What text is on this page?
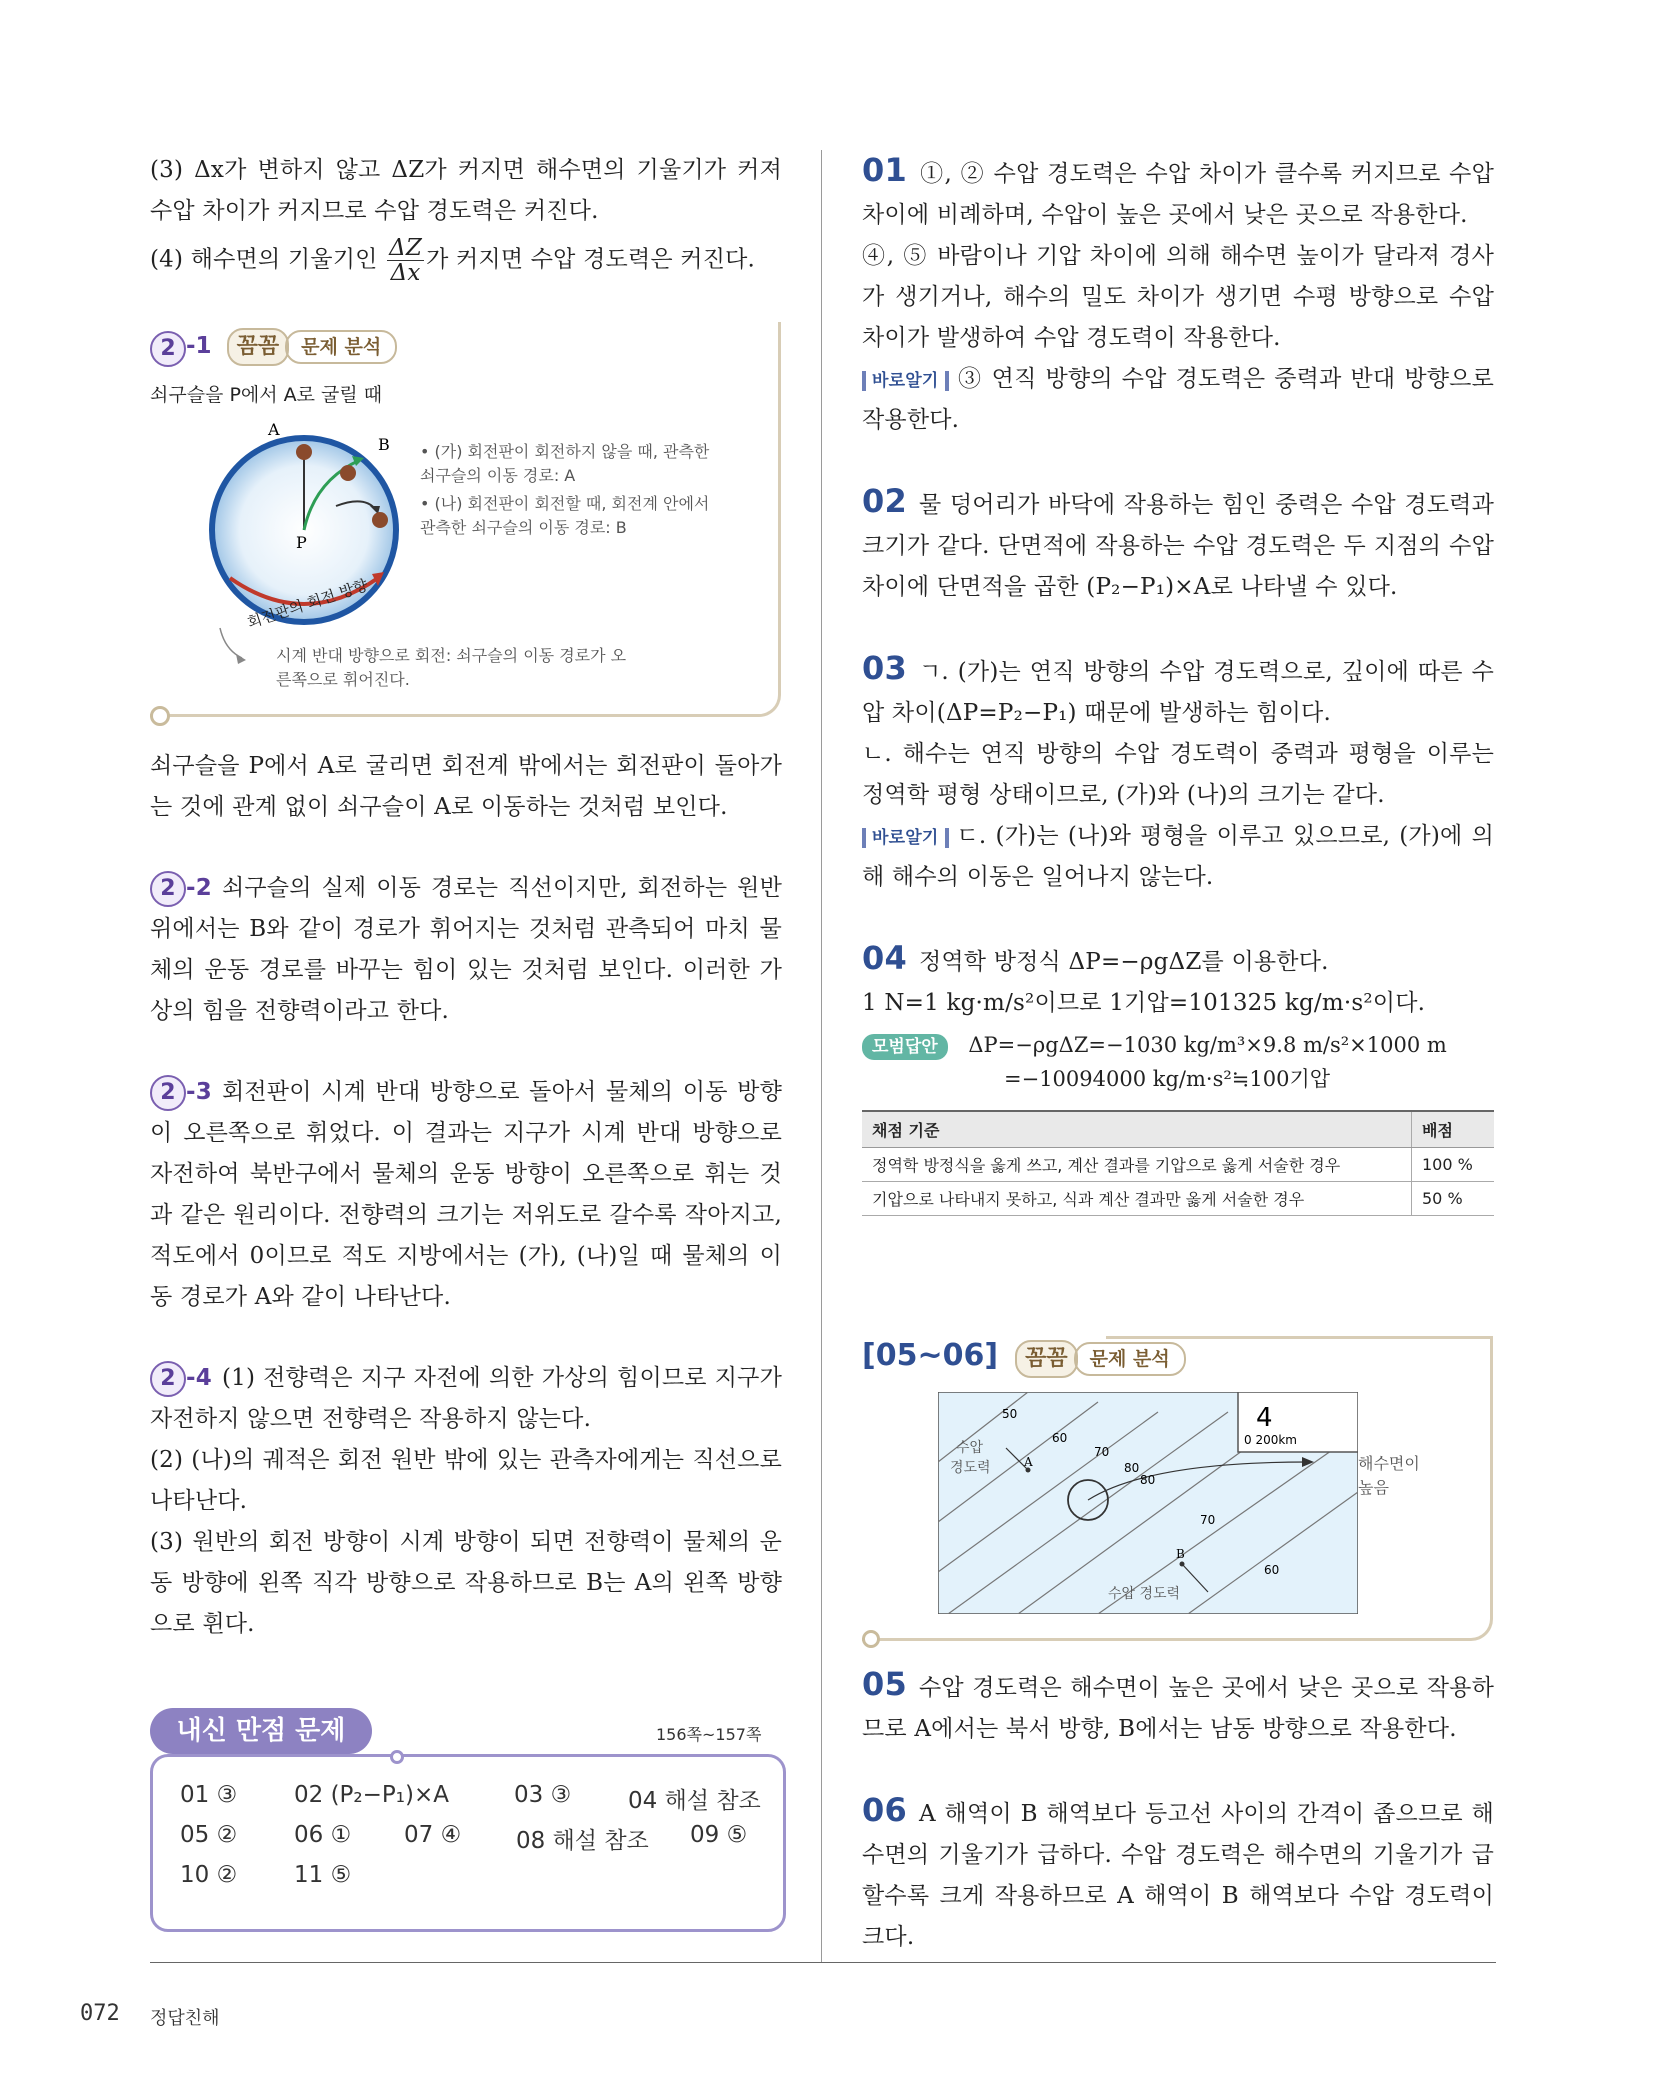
(3) Δx가 변하지 않고 ΔZ가 커지면 해수면의 기울기가 커져 수압 차이가 커지므로 수압 경도력은 커진다.

(4) 해수면의 기울기인 $\frac{\Delta Z}{\Delta x}$ 가 커지면 수압 경도력은 커진다.

2 -1 꼼꼼 문제 분석
쇠구슬을 P에서 A로 굴릴 때
A
B
P
회전판의 회전 방향
• (가) 회전판이 회전하지 않을 때, 관측한 쇠구슬의 이동 경로: A
• (나) 회전판이 회전할 때, 회전계 안에서 관측한 쇠구슬의 이동 경로: B
시계 반대 방향으로 회전: 쇠구슬의 이동 경로가 오른쪽으로 휘어진다.

쇠구슬을 P에서 A로 굴리면 회전계 밖에서는 회전판이 돌아가는 것에 관계 없이 쇠구슬이 A로 이동하는 것처럼 보인다.

2 -2 쇠구슬의 실제 이동 경로는 직선이지만, 회전하는 원반 위에서는 B와 같이 경로가 휘어지는 것처럼 관측되어 마치 물체의 운동 경로를 바꾸는 힘이 있는 것처럼 보인다. 이러한 가상의 힘을 전향력이라고 한다.

2 -3 회전판이 시계 반대 방향으로 돌아서 물체의 이동 방향이 오른쪽으로 휘었다. 이 결과는 지구가 시계 반대 방향으로 자전하여 북반구에서 물체의 운동 방향이 오른쪽으로 휘는 것과 같은 원리이다. 전향력의 크기는 저위도로 갈수록 작아지고, 적도에서 0이므로 적도 지방에서는 (가), (나)일 때 물체의 이동 경로가 A와 같이 나타난다.

2 -4 (1) 전향력은 지구 자전에 의한 가상의 힘이므로 지구가 자전하지 않으면 전향력은 작용하지 않는다.

(2) (나)의 궤적은 회전 원반 밖에 있는 관측자에게는 직선으로 나타난다.

(3) 원반의 회전 방향이 시계 방향이 되면 전향력이 물체의 운동 방향에 왼쪽 직각 방향으로 작용하므로 B는 A의 왼쪽 방향으로 휜다.

내신 만점 문제	156쪽~157쪽
01 ③ 02 (P₂−P₁)×A	03 ③ 04 해설 참조
05 ② 06 ① 07 ④ 08 해설 참조 09 ⑤
10 ② 11 ⑤

01 ①, ② 수압 경도력은 수압 차이가 클수록 커지므로 수압 차이에 비례하며, 수압이 높은 곳에서 낮은 곳으로 작용한다.

④, ⑤ 바람이나 기압 차이에 의해 해수면 높이가 달라져 경사가 생기거나, 해수의 밀도 차이가 생기면 수평 방향으로 수압 차이가 발생하여 수압 경도력이 작용한다.

바로알기 ③ 연직 방향의 수압 경도력은 중력과 반대 방향으로 작용한다.

02 물 덩어리가 바닥에 작용하는 힘인 중력은 수압 경도력과 크기가 같다. 단면적에 작용하는 수압 경도력은 두 지점의 수압 차이에 단면적을 곱한 (P₂−P₁)×A로 나타낼 수 있다.

03 ㄱ. (가)는 연직 방향의 수압 경도력으로, 깊이에 따른 수압 차이(ΔP=P₂−P₁) 때문에 발생하는 힘이다.

ㄴ. 해수는 연직 방향의 수압 경도력이 중력과 평형을 이루는 정역학 평형 상태이므로, (가)와 (나)의 크기는 같다.

바로알기 ㄷ. (가)는 (나)와 평형을 이루고 있으므로, (가)에 의해 해수의 이동은 일어나지 않는다.

04 정역학 방정식 ΔP=−ρgΔZ를 이용한다.

1 N=1 kg·m/s²이므로 1기압=101325 kg/m·s²이다.

모범답안 ΔP=−ρgΔZ=−1030 kg/m³×9.8 m/s²×1000 m
=−10094000 kg/m·s²≒100기압
채점 기준	배점
정역학 방정식을 옳게 쓰고, 계산 결과를 기압으로 옳게 서술한 경우	100 %
기압으로 나타내지 못하고, 식과 계산 결과만 옳게 서술한 경우	50 %
[05~06] 꼼꼼 문제 분석
4
0 200km
50
60
70
80
80
70
60
수압
경도력	A
B
수압 경도력
해수면이
높음

05 수압 경도력은 해수면이 높은 곳에서 낮은 곳으로 작용하므로 A에서는 북서 방향, B에서는 남동 방향으로 작용한다.

06 A 해역이 B 해역보다 등고선 사이의 간격이 좁으므로 해수면의 기울기가 급하다. 수압 경도력은 해수면의 기울기가 급할수록 크게 작용하므로 A 해역이 B 해역보다 수압 경도력이 크다.

072 정답친해
